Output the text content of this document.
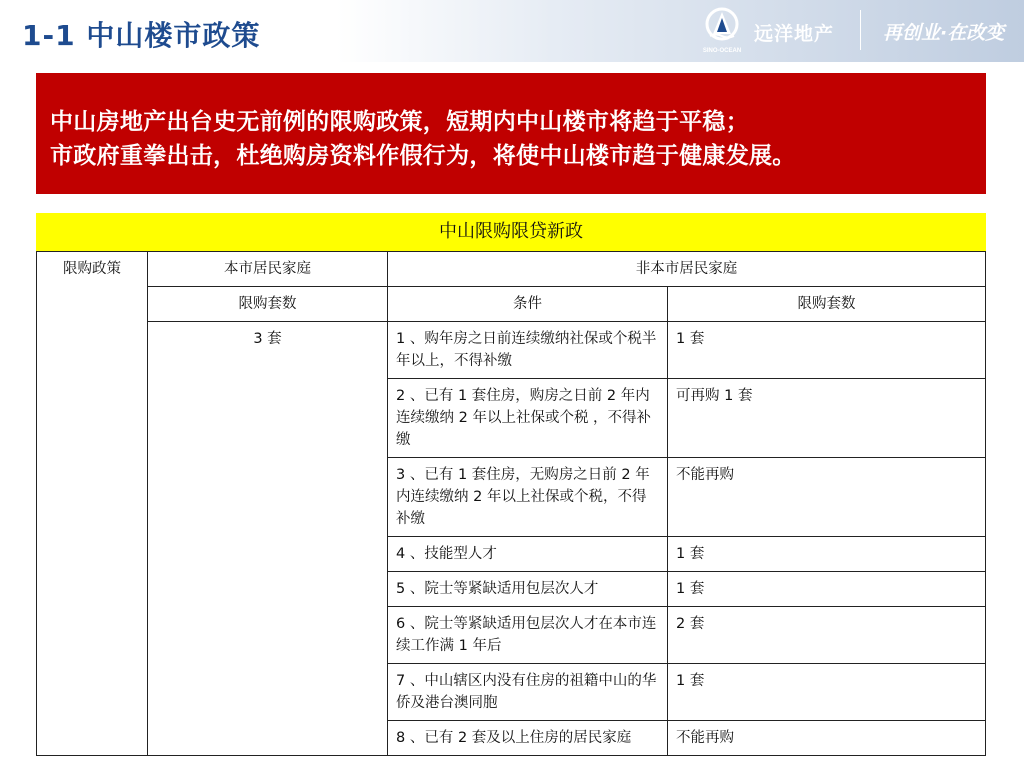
1-1 中山楼市政策	SINO-OCEAN
远洋地产	再创业·在改变
中山房地产出台史无前例的限购政策，短期内中山楼市将趋于平稳；
市政府重拳出击，杜绝购房资料作假行为，将使中山楼市趋于健康发展。
中山限购限贷新政
限购政策	本市居民家庭	非本市居民家庭	
	限购套数	条件	限购套数
	3 套	1 、购年房之日前连续缴纳社保或个税半年以上，不得补缴	1 套
		2 、已有 1 套住房，购房之日前 2 年内连续缴纳 2 年以上社保或个税 ，不得补缴	可再购 1 套
		3 、已有 1 套住房，无购房之日前 2 年内连续缴纳 2 年以上社保或个税，不得补缴	不能再购
		4 、技能型人才	1 套
		5 、院士等紧缺适用包层次人才	1 套
		6 、院士等紧缺适用包层次人才在本市连续工作满 1 年后	2 套
		7 、中山辖区内没有住房的祖籍中山的华侨及港台澳同胞	1 套
		8 、已有 2 套及以上住房的居民家庭	不能再购
